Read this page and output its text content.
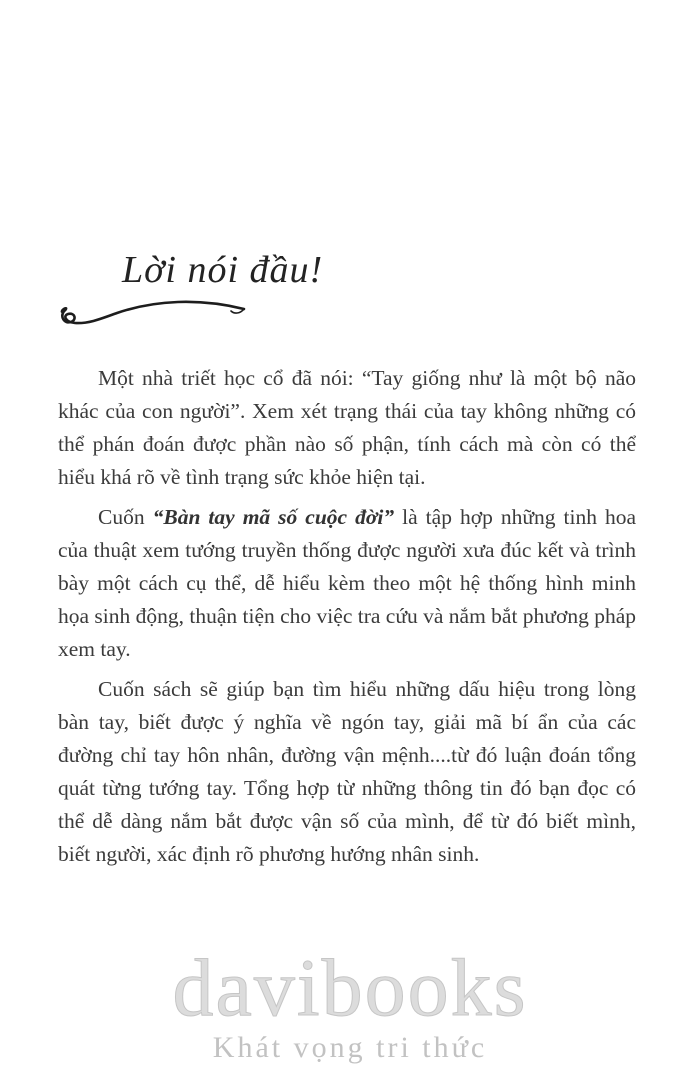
Lời nói đầu!

Một nhà triết học cổ đã nói: “Tay giống như là một bộ não khác của con người”. Xem xét trạng thái của tay không những có thể phán đoán được phần nào số phận, tính cách mà còn có thể hiểu khá rõ về tình trạng sức khỏe hiện tại.

Cuốn “Bàn tay mã số cuộc đời” là tập hợp những tinh hoa của thuật xem tướng truyền thống được người xưa đúc kết và trình bày một cách cụ thể, dễ hiểu kèm theo một hệ thống hình minh họa sinh động, thuận tiện cho việc tra cứu và nắm bắt phương pháp xem tay.

Cuốn sách sẽ giúp bạn tìm hiểu những dấu hiệu trong lòng bàn tay, biết được ý nghĩa về ngón tay, giải mã bí ẩn của các đường chỉ tay hôn nhân, đường vận mệnh....từ đó luận đoán tổng quát từng tướng tay. Tổng hợp từ những thông tin đó bạn đọc có thể dễ dàng nắm bắt được vận số của mình, để từ đó biết mình, biết người, xác định rõ phương hướng nhân sinh.

davibooks
Khát vọng tri thức
